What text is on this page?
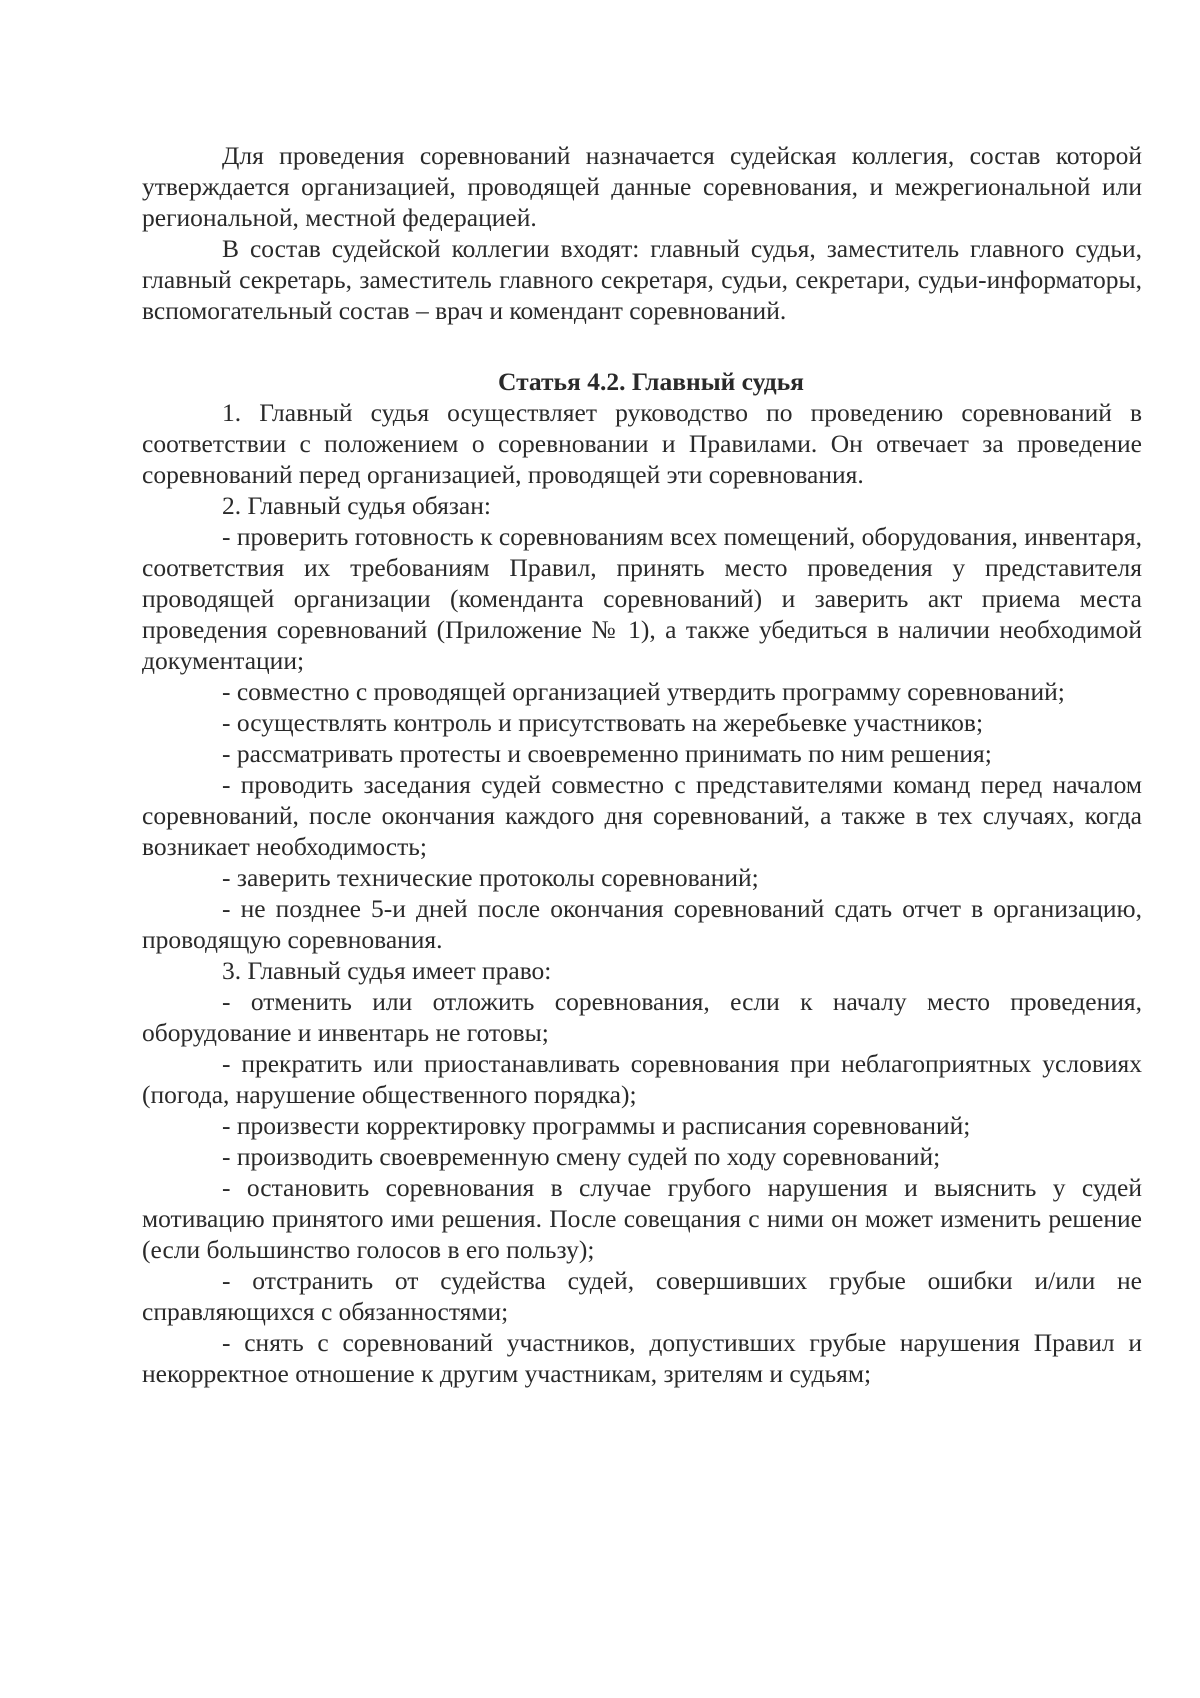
Для проведения соревнований назначается судейская коллегия, состав которой утверждается организацией, проводящей данные соревнования, и межрегиональной или региональной, местной федерацией.

В состав судейской коллегии входят: главный судья, заместитель главного судьи, главный секретарь, заместитель главного секретаря, судьи, секретари, судьи-информаторы, вспомогательный состав – врач и комендант соревнований.

Статья 4.2. Главный судья

1. Главный судья осуществляет руководство по проведению соревнований в соответствии с положением о соревновании и Правилами. Он отвечает за проведение соревнований перед организацией, проводящей эти соревнования.

2. Главный судья обязан:

- проверить готовность к соревнованиям всех помещений, оборудования, инвентаря, соответствия их требованиям Правил, принять место проведения у представителя проводящей организации (коменданта соревнований) и заверить акт приема места проведения соревнований (Приложение № 1), а также убедиться в наличии необходимой документации;

- совместно с проводящей организацией утвердить программу соревнований;

- осуществлять контроль и присутствовать на жеребьевке участников;

- рассматривать протесты и своевременно принимать по ним решения;

- проводить заседания судей совместно с представителями команд перед началом соревнований, после окончания каждого дня соревнований, а также в тех случаях, когда возникает необходимость;

- заверить технические протоколы соревнований;

- не позднее 5-и дней после окончания соревнований сдать отчет в организацию, проводящую соревнования.

3. Главный судья имеет право:

- отменить или отложить соревнования, если к началу место проведения, оборудование и инвентарь не готовы;

- прекратить или приостанавливать соревнования при неблагоприятных условиях (погода, нарушение общественного порядка);

- произвести корректировку программы и расписания соревнований;

- производить своевременную смену судей по ходу соревнований;

- остановить соревнования в случае грубого нарушения и выяснить у судей мотивацию принятого ими решения. После совещания с ними он может изменить решение (если большинство голосов в его пользу);

- отстранить от судейства судей, совершивших грубые ошибки и/или не справляющихся с обязанностями;

- снять с соревнований участников, допустивших грубые нарушения Правил и некорректное отношение к другим участникам, зрителям и судьям;
